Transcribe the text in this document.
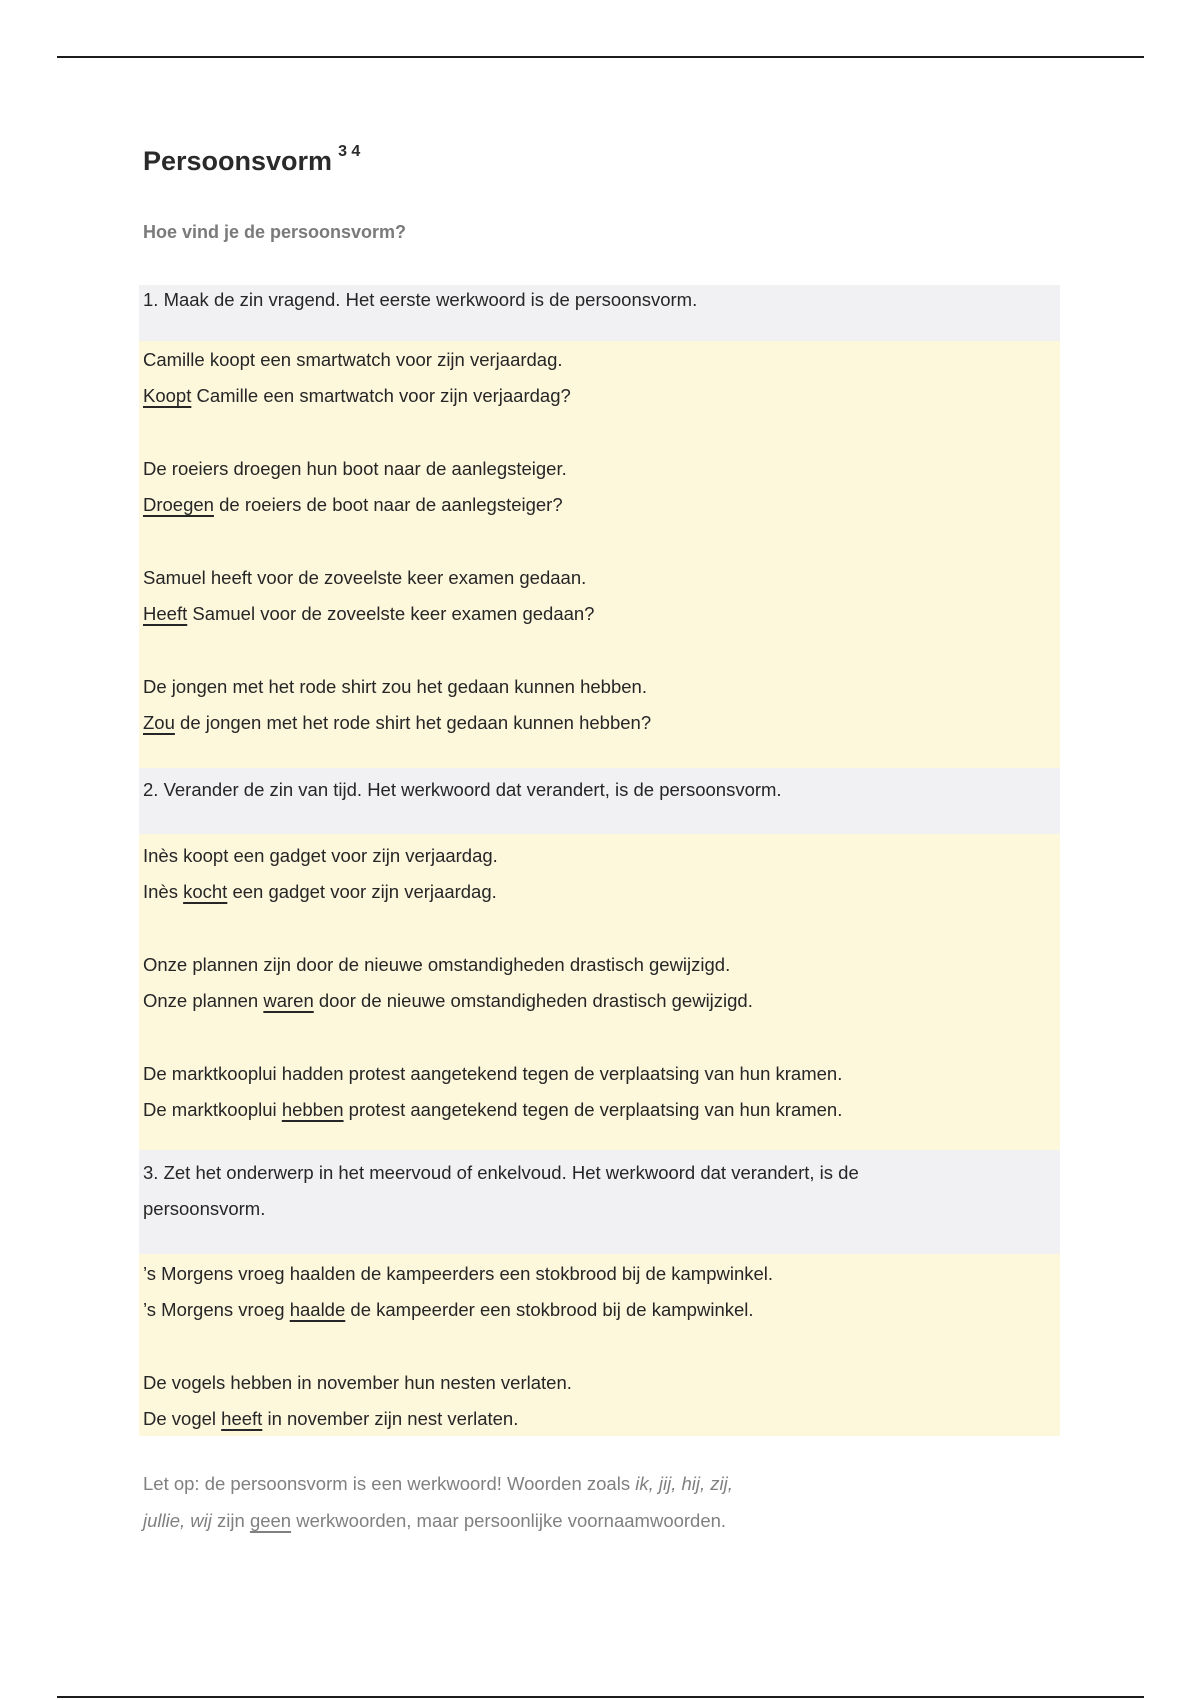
Persoonsvorm $^{3 4}$
Hoe vind je de persoonsvorm?
1. Maak de zin vragend. Het eerste werkwoord is de persoonsvorm.
Camille koopt een smartwatch voor zijn verjaardag.
Koopt Camille een smartwatch voor zijn verjaardag?
De roeiers droegen hun boot naar de aanlegsteiger.
Droegen de roeiers de boot naar de aanlegsteiger?
Samuel heeft voor de zoveelste keer examen gedaan.
Heeft Samuel voor de zoveelste keer examen gedaan?
De jongen met het rode shirt zou het gedaan kunnen hebben.
Zou de jongen met het rode shirt het gedaan kunnen hebben?
2. Verander de zin van tijd. Het werkwoord dat verandert, is de persoonsvorm.
Inès koopt een gadget voor zijn verjaardag.
Inès kocht een gadget voor zijn verjaardag.
Onze plannen zijn door de nieuwe omstandigheden drastisch gewijzigd.
Onze plannen waren door de nieuwe omstandigheden drastisch gewijzigd.
De marktkooplui hadden protest aangetekend tegen de verplaatsing van hun kramen.
De marktkooplui hebben protest aangetekend tegen de verplaatsing van hun kramen.
3. Zet het onderwerp in het meervoud of enkelvoud. Het werkwoord dat verandert, is de
persoonsvorm.
’s Morgens vroeg haalden de kampeerders een stokbrood bij de kampwinkel.
’s Morgens vroeg haalde de kampeerder een stokbrood bij de kampwinkel.
De vogels hebben in november hun nesten verlaten.
De vogel heeft in november zijn nest verlaten.
Let op: de persoonsvorm is een werkwoord! Woorden zoals ik, jij, hij, zij,
jullie, wij zijn geen werkwoorden, maar persoonlijke voornaamwoorden.
